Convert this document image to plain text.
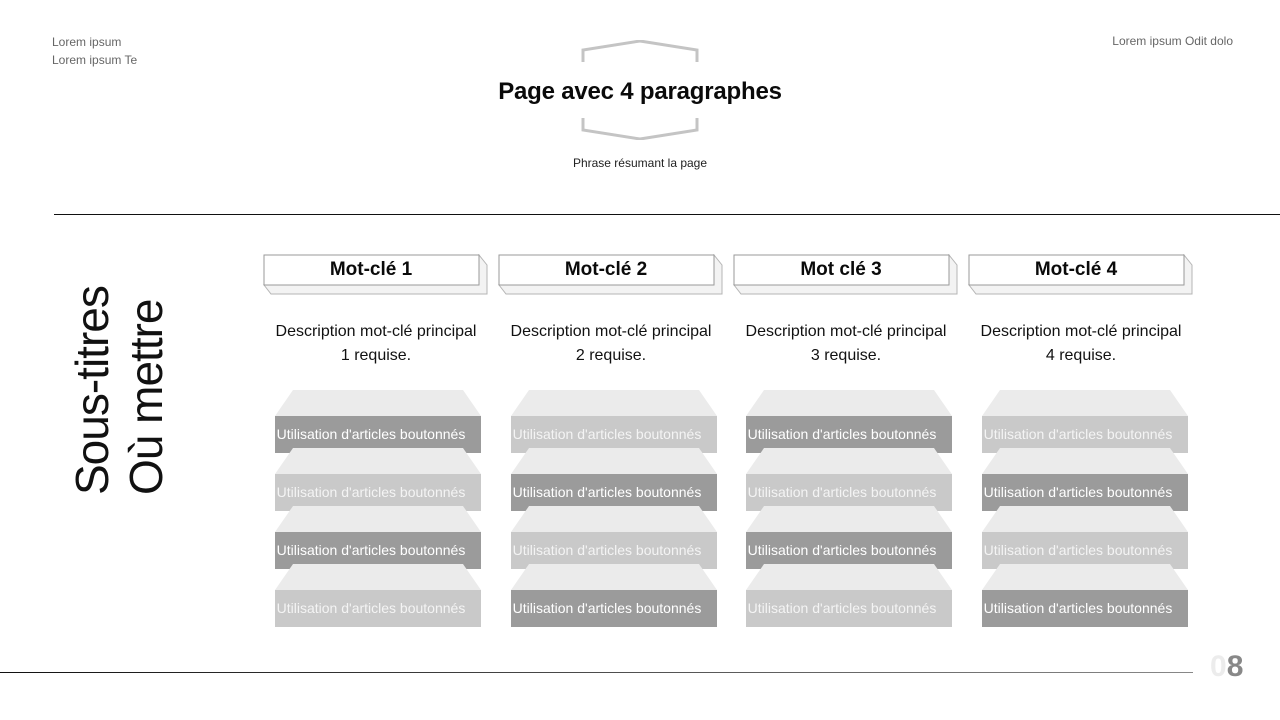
Lorem ipsum
Lorem ipsum Te
Lorem ipsum Odit dolo
Page avec 4 paragraphes
Phrase résumant la page
Sous-titres Où mettre
Mot-clé 1
Description mot-clé principal 1 requise.
Utilisation d'articles boutonnés
Utilisation d'articles boutonnés
Utilisation d'articles boutonnés
Utilisation d'articles boutonnés
Mot-clé 2
Description mot-clé principal 2 requise.
Utilisation d'articles boutonnés
Utilisation d'articles boutonnés
Utilisation d'articles boutonnés
Utilisation d'articles boutonnés
Mot clé 3
Description mot-clé principal 3 requise.
Utilisation d'articles boutonnés
Utilisation d'articles boutonnés
Utilisation d'articles boutonnés
Utilisation d'articles boutonnés
Mot-clé 4
Description mot-clé principal 4 requise.
Utilisation d'articles boutonnés
Utilisation d'articles boutonnés
Utilisation d'articles boutonnés
Utilisation d'articles boutonnés
08
